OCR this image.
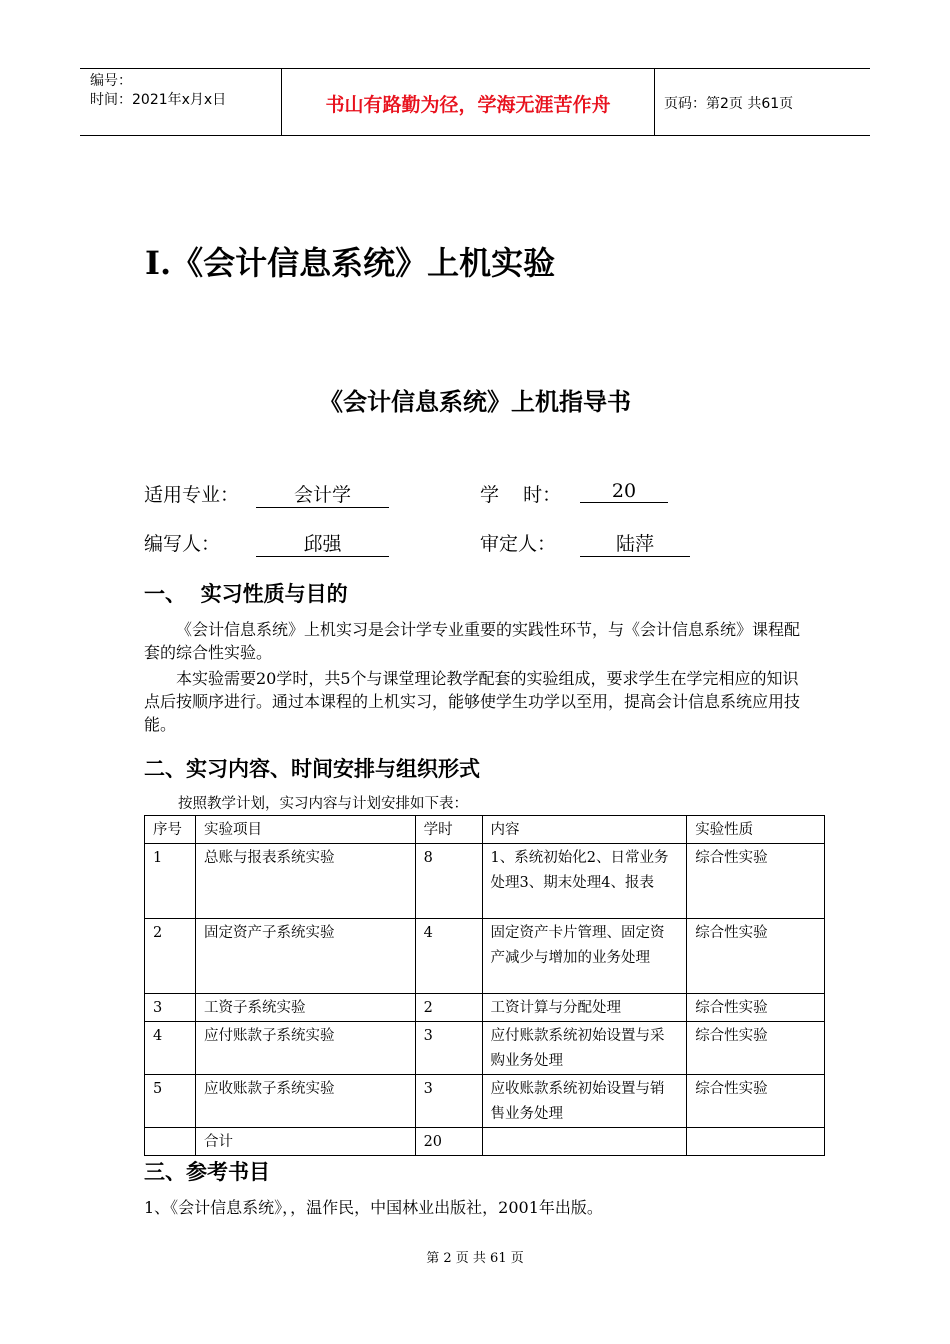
编号：
时间：2021年x月x日	书山有路勤为径，学海无涯苦作舟	页码：第2页 共61页
I.《会计信息系统》上机实验
《会计信息系统》上机指导书
适用专业：	会计学	学    时：	20
编写人：	邱强	审定人：	陆萍
一、  实习性质与目的
《会计信息系统》上机实习是会计学专业重要的实践性环节，与《会计信息系统》课程配套的综合性实验。
本实验需要20学时，共5个与课堂理论教学配套的实验组成，要求学生在学完相应的知识点后按顺序进行。通过本课程的上机实习，能够使学生功学以至用，提高会计信息系统应用技能。
二、实习内容、时间安排与组织形式
按照教学计划，实习内容与计划安排如下表：
序号	实验项目	学时	内容	实验性质
1	总账与报表系统实验	8	1、系统初始化2、日常业务处理3、期末处理4、报表	综合性实验
2	固定资产子系统实验	4	固定资产卡片管理、固定资产减少与增加的业务处理	综合性实验
3	工资子系统实验	2	工资计算与分配处理	综合性实验
4	应付账款子系统实验	3	应付账款系统初始设置与采购业务处理	综合性实验
5	应收账款子系统实验	3	应收账款系统初始设置与销售业务处理	综合性实验
	合计	20		
三、参考书目
1、《会计信息系统》，，温作民，中国林业出版社，2001年出版。
第 2 页 共 61 页
